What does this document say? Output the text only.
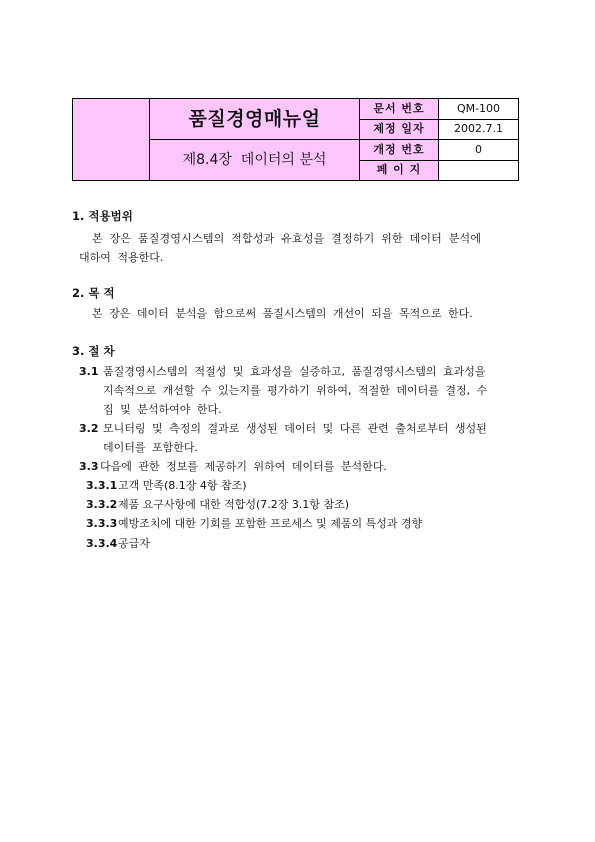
	품질경영매뉴얼	문서 번호	QM-100
		제정 일자	2002.7.1
	제8.4장  데이터의 분석	개정 번호	0
		페 이 지	
1. 적용범위
본 장은 품질경영시스템의 적합성과 유효성을 결정하기 위한 데이터 분석에
대하여 적용한다.
2. 목 적
본 장은 데이터 분석을 함으로써 품질시스템의 개선이 되을 목적으로 한다.
3. 절 차
3.1 품질경영시스템의 적절성 및 효과성을 실증하고, 품질경영시스템의 효과성을
지속적으로 개선할 수 있는지를 평가하기 위하여, 적절한 데이터를 결정, 수
집 및 분석하여야 한다.
3.2 모니터링 및 측정의 결과로 생성된 데이터 및 다른 관련 출처로부터 생성된
데이터를 포함한다.
3.3 다음에 관한 정보를 제공하기 위하여 데이터를 분석한다.
3.3.1 고객 만족(8.1장 4항 참조)
3.3.2 제품 요구사항에 대한 적합성(7.2장 3.1항 참조)
3.3.3 예방조치에 대한 기회를 포함한 프로세스 및 제품의 특성과 경향
3.3.4 공급자
